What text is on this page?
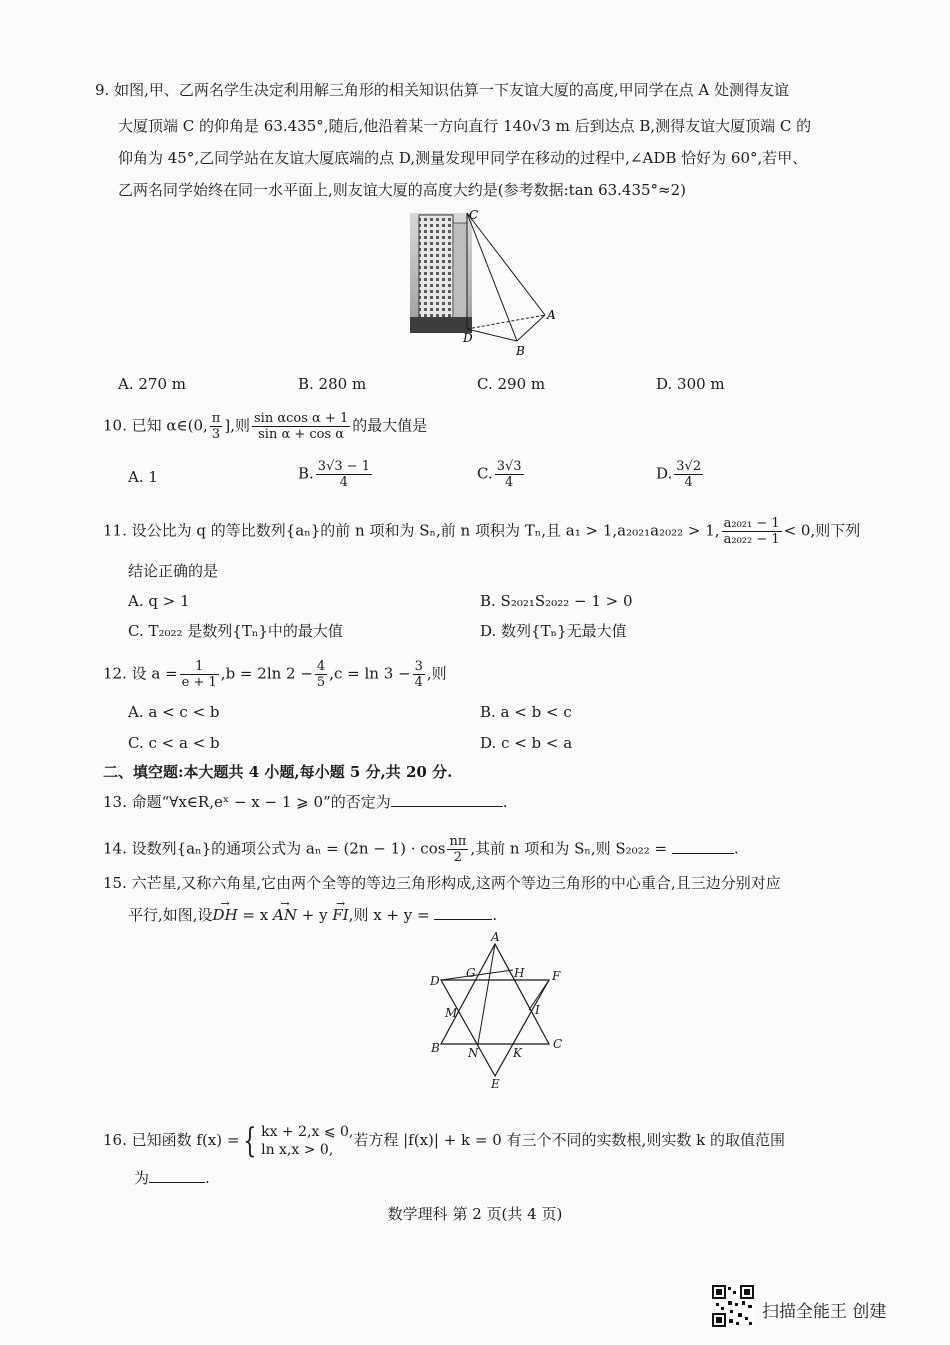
9. 如图,甲、乙两名学生决定利用解三角形的相关知识估算一下友谊大厦的高度,甲同学在点 A 处测得友谊
大厦顶端 C 的仰角是 63.435°,随后,他沿着某一方向直行 140√3 m 后到达点 B,测得友谊大厦顶端 C 的
仰角为 45°,乙同学站在友谊大厦底端的点 D,测量发现甲同学在移动的过程中,∠ADB 恰好为 60°,若甲、
乙两名同学始终在同一水平面上,则友谊大厦的高度大约是(参考数据:tan 63.435°≈2)
C
A
D
B
A. 270 m	B. 280 m	C. 290 m	D. 300 m
10. 已知 α∈(0, $\frac{\pi}{3}$ ],则 $\frac{\text{sin αcos α + 1}}{\text{sin α + cos α}}$ 的最大值是
A. 1	B. $\frac{3√3 - 1}{4}$	C. $\frac{3√3}{4}$	D. $\frac{3√2}{4}$
11. 设公比为 q 的等比数列{aₙ}的前 n 项和为 Sₙ,前 n 项积为 Tₙ,且 a₁ > 1,a₂₀₂₁a₂₀₂₂ > 1, $\frac{\text{a₂₀₂₁ − 1}}{\text{a₂₀₂₂ − 1}} < 0$,则下列
结论正确的是
A. q > 1	B. S₂₀₂₁S₂₀₂₂ − 1 > 0
C. T₂₀₂₂ 是数列{Tₙ}中的最大值	D. 数列{Tₙ}无最大值
12. 设 $a = \frac{1}{e + 1} ,b = 2\ln$ $2 - \frac{4}{5} ,c = \ln 3 - \frac{3}{4}$ ,则
A. a < c < b	B. a < b < c
C. c < a < b	D. c < b < a
二、填空题:本大题共 4 小题,每小题 5 分,共 20 分.
13. 命题“∀x∈R,eˣ − x − 1 ⩾ 0”的否定为	.
14. 设数列{aₙ}的通项公式为 $a_n = (2n - 1) \cdot \cos \frac{n\pi}{2}$ ,其前 n 项和为 Sₙ,则 S₂₀₂₂ =	.
15. 六芒星,又称六角星,它由两个全等的等边三角形构成,这两个等边三角形的中心重合,且三边分别对应
平行,如图,设→ DH = x → AN + y → FI,则 x + y =	.
A
G	H
D	F
M	I
B N	K
C
E
16. 已知函数 f(x) = { kx + 2,x ⩽ 0,
ln x,x > 0,
若方程 |f(x)| + k = 0 有三个不同的实数根,则实数 k 的取值范围
为	.
数学理科 第 2 页(共 4 页)
扫描全能王 创建
